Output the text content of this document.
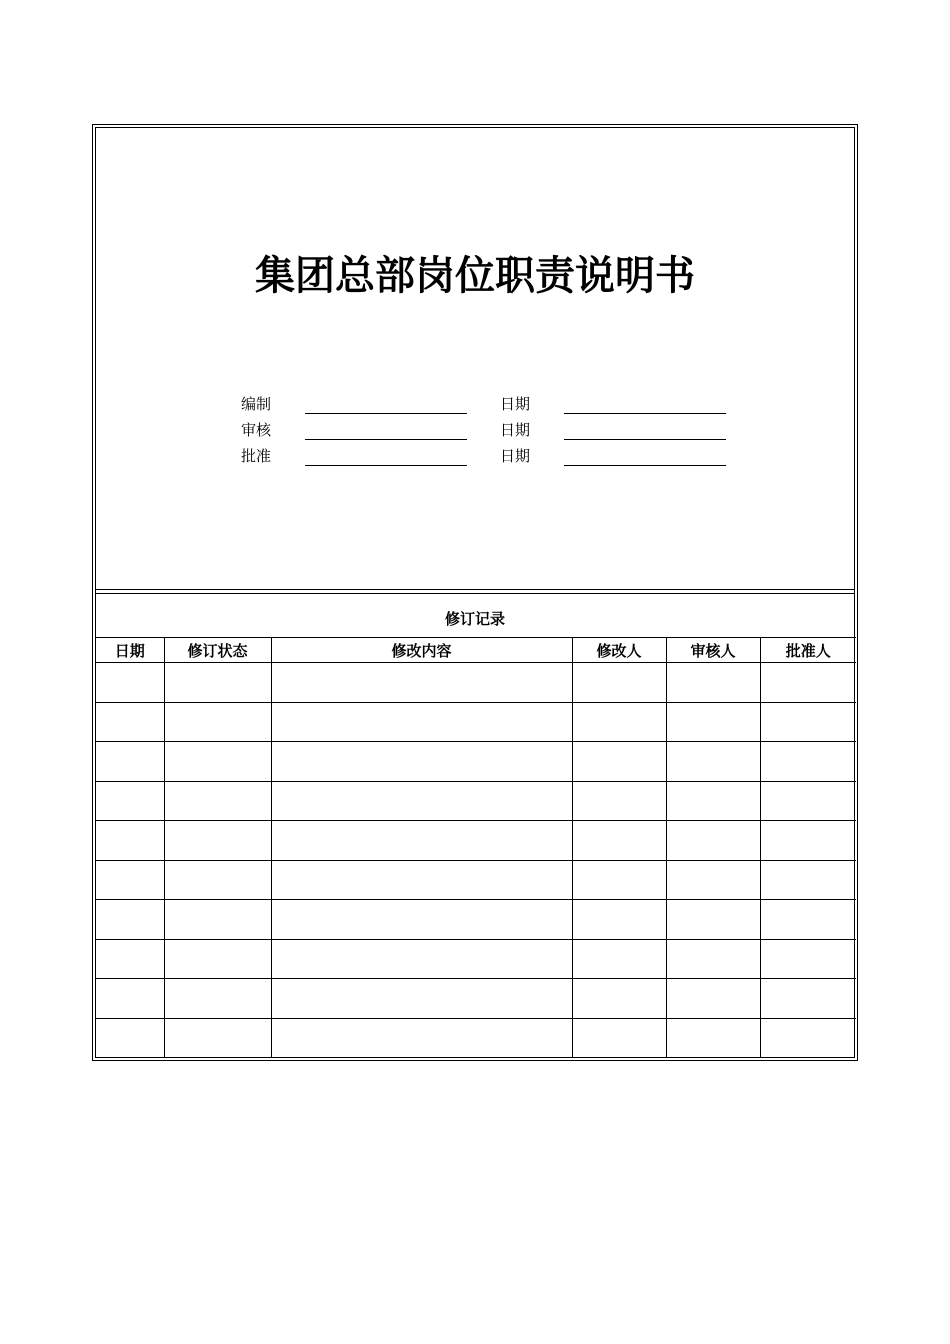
集团总部岗位职责说明书
编制	日期
审核	日期
批准	日期
修订记录
日期	修订状态	修改内容	修改人	审核人	批准人
